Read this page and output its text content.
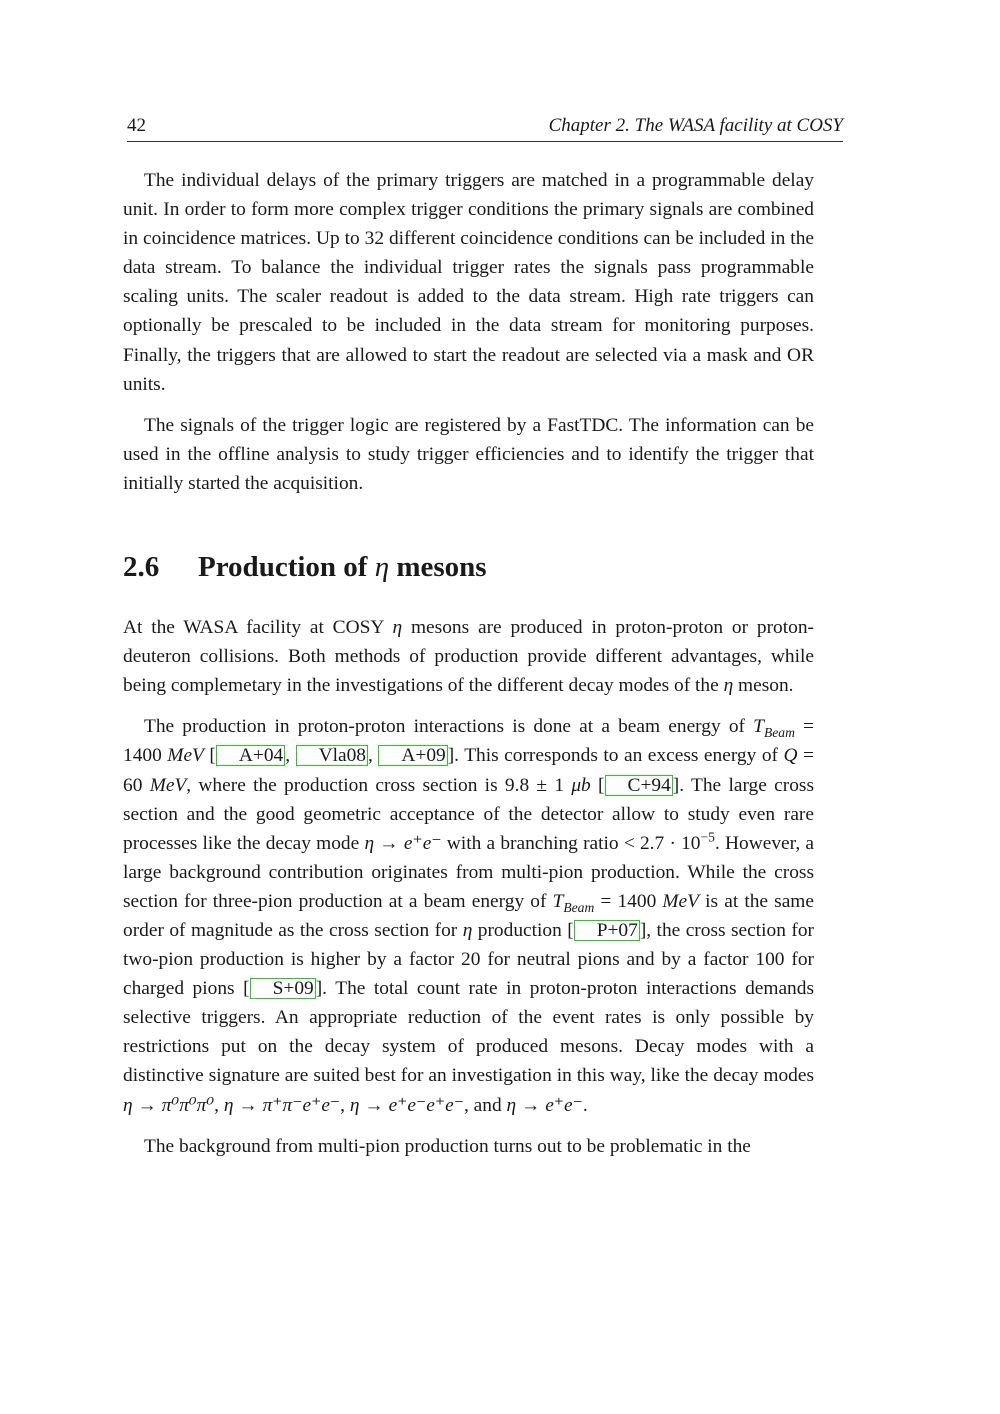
42	Chapter 2. The WASA facility at COSY

The individual delays of the primary triggers are matched in a programmable delay unit. In order to form more complex trigger conditions the primary signals are combined in coincidence matrices. Up to 32 different coincidence conditions can be included in the data stream. To balance the individual trigger rates the signals pass programmable scaling units. The scaler readout is added to the data stream. High rate triggers can optionally be prescaled to be included in the data stream for monitoring purposes. Finally, the triggers that are allowed to start the readout are selected via a mask and OR units.

The signals of the trigger logic are registered by a FastTDC. The information can be used in the offline analysis to study trigger efficiencies and to identify the trigger that initially started the acquisition.

2.6 Production of η mesons

At the WASA facility at COSY η mesons are produced in proton-proton or proton-deuteron collisions. Both methods of production provide different advantages, while being complemetary in the investigations of the different decay modes of the η meson.

The production in proton-proton interactions is done at a beam energy of $T_{Beam} = 1400$ MeV [ A+04 , Vla08 , A+09 ]. This corresponds to an excess energy of Q = 60 MeV, where the production cross section is 9.8 ± 1 μb [ C+94 ]. The large cross section and the good geometric acceptance of the detector allow to study even rare processes like the decay mode η → e⁺e⁻ with a branching ratio < $2.7 \cdot 10^{-5}$. However, a large background contribution originates from multi-pion production. While the cross section for three-pion production at a beam energy of $T_{Beam} = 1400$ MeV is at the same order of magnitude as the cross section for η production [ P+07 ], the cross section for two-pion production is higher by a factor 20 for neutral pions and by a factor 100 for charged pions [ S+09 ]. The total count rate in proton-proton interactions demands selective triggers. An appropriate reduction of the event rates is only possible by restrictions put on the decay system of produced mesons. Decay modes with a distinctive signature are suited best for an investigation in this way, like the decay modes η → π⁰π⁰π⁰, η → π⁺π⁻e⁺e⁻, η → e⁺e⁻e⁺e⁻, and η → e⁺e⁻.

The background from multi-pion production turns out to be problematic in the
